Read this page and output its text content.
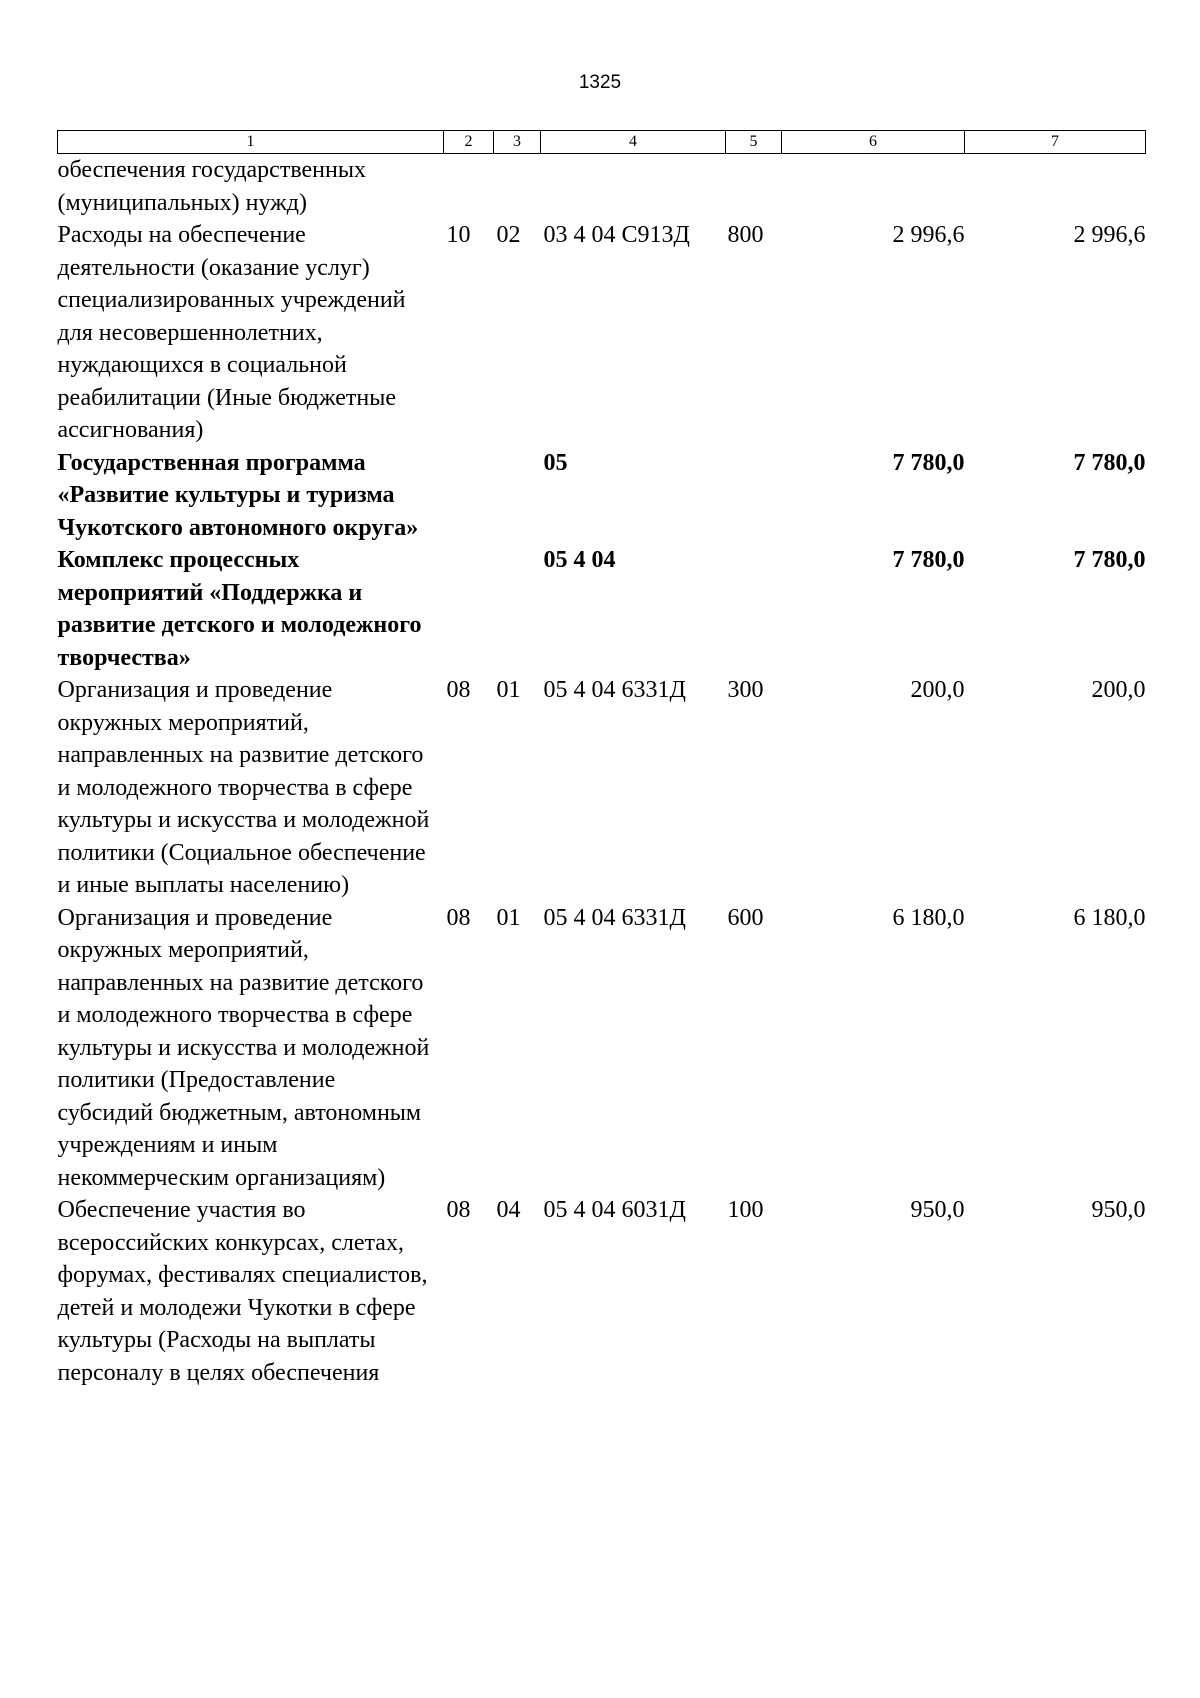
1325
1	2	3	4	5	6	7
обеспечения государственных (муниципальных) нужд)						
Расходы на обеспечение деятельности (оказание услуг) специализированных учреждений для несовершеннолетних, нуждающихся в социальной реабилитации (Иные бюджетные ассигнования)	10	02	03 4 04 С913Д	800	2 996,6	2 996,6
Государственная программа «Развитие культуры и туризма Чукотского автономного округа»			05		7 780,0	7 780,0
Комплекс процессных мероприятий «Поддержка и развитие детского и молодежного творчества»			05 4 04		7 780,0	7 780,0
Организация и проведение окружных мероприятий, направленных на развитие детского и молодежного творчества в сфере культуры и искусства и молодежной политики (Социальное обеспечение и иные выплаты населению)	08	01	05 4 04 6331Д	300	200,0	200,0
Организация и проведение окружных мероприятий, направленных на развитие детского и молодежного творчества в сфере культуры и искусства и молодежной политики (Предоставление субсидий бюджетным, автономным учреждениям и иным некоммерческим организациям)	08	01	05 4 04 6331Д	600	6 180,0	6 180,0
Обеспечение участия во всероссийских конкурсах, слетах, форумах, фестивалях специалистов, детей и молодежи Чукотки в сфере культуры (Расходы на выплаты персоналу в целях обеспечения	08	04	05 4 04 6031Д	100	950,0	950,0
